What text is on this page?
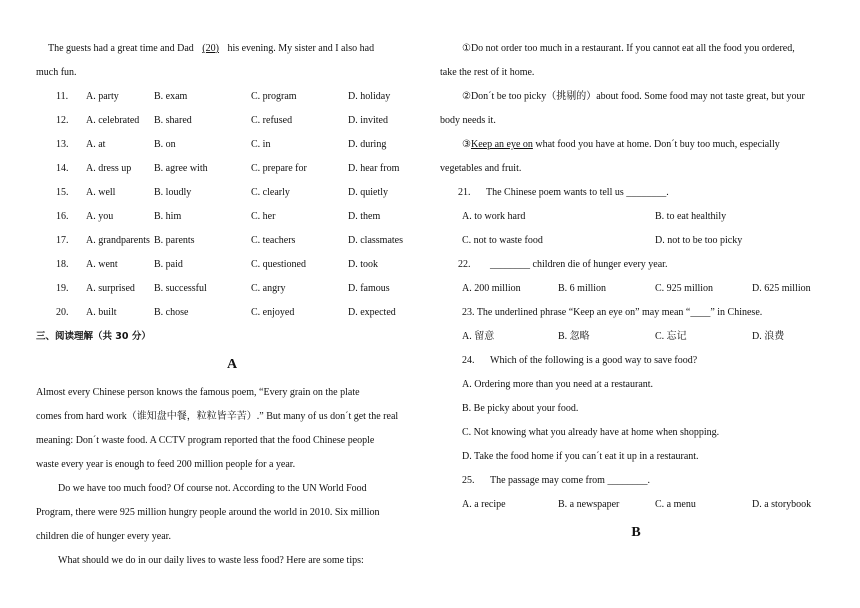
The guests had a great time and Dad (20) his evening. My sister and I also had
much fun.
11. A. party	B. exam	C. program	D. holiday
12. A. celebrated B. shared	C. refused	D. invited
13. A. at	B. on	C. in	D. during
14. A. dress up B. agree with	C. prepare for	D. hear from
15. A. well	B. loudly	C. clearly	D. quietly
16. A. you	B. him	C. her	D. them
17. A. grandparents B. parents	C. teachers	D. classmates
18. A. went	B. paid	C. questioned	D. took
19. A. surprised B. successful	C. angry	D. famous
20. A. built	B. chose	C. enjoyed	D. expected
三、阅读理解（共 30 分）
A
Almost every Chinese person knows the famous poem, “Every grain on the plate
comes from hard work（谁知盘中餐，粒粒皆辛苦）.” But many of us don´t get the real
meaning: Don´t waste food. A CCTV program reported that the food Chinese people
waste every year is enough to feed 200 million people for a year.
Do we have too much food? Of course not. According to the UN World Food
Program, there were 925 million hungry people around the world in 2010. Six million
children die of hunger every year.
What should we do in our daily lives to waste less food? Here are some tips:
①Do not order too much in a restaurant. If you cannot eat all the food you ordered,
take the rest of it home.
②Don´t be too picky（挑剔的）about food. Some food may not taste great, but your
body needs it.
③Keep an eye on what food you have at home. Don´t buy too much, especially
vegetables and fruit.
21. The Chinese poem wants to tell us ________.
A. to work hard	B. to eat healthily
C. not to waste food	D. not to be too picky
22. ________ children die of hunger every year.
A. 200 million	B. 6 million	C. 925 million	D. 625 million
23. The underlined phrase “Keep an eye on” may mean “____” in Chinese.
A. 留意	B. 忽略	C. 忘记	D. 浪费
24. Which of the following is a good way to save food?
A. Ordering more than you need at a restaurant.
B. Be picky about your food.
C. Not knowing what you already have at home when shopping.
D. Take the food home if you can´t eat it up in a restaurant.
25. The passage may come from ________.
A. a recipe	B. a newspaper	C. a menu	D. a storybook
B
